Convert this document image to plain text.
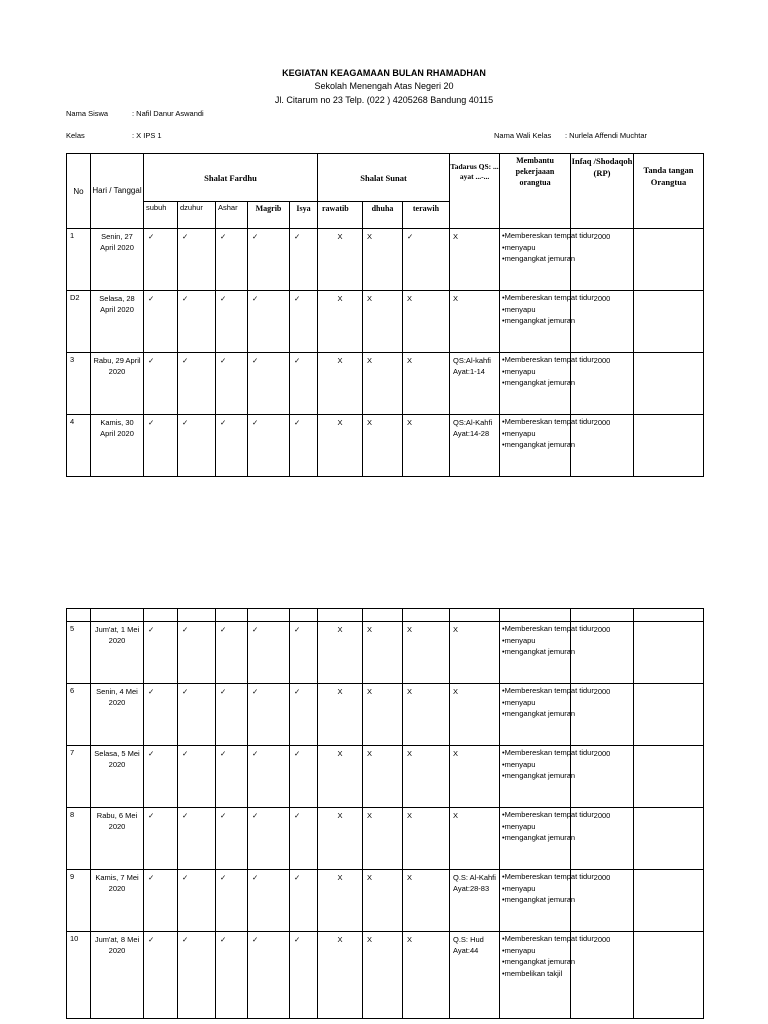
KEGIATAN KEAGAMAAN BULAN RHAMADHAN
Sekolah Menengah Atas Negeri 20
Jl. Citarum no 23 Telp. (022 ) 4205268 Bandung 40115
Nama Siswa	: Nafil Danur Aswandi
Kelas	: X IPS 1	Nama Wali Kelas : Nurlela Affendi Muchtar
No	Hari / Tanggal	Shalat Fardhu					Shalat Sunat			Tadarus QS: ... ayat ...-...	Membantu pekerjaaan orangtua	Infaq /Shodaqoh (RP)	Tanda tangan Orangtua
		subuh	dzuhur	Ashar	Magrib	Isya	rawatib	dhuha	terawih				
1	Senin, 27 April 2020	✓	✓	✓	✓	✓	X	X	✓	X	•Membereskan tempat tidur
•menyapu
•mengangkat jemuran	2000	
D2	Selasa, 28 April 2020	✓	✓	✓	✓	✓	X	X	X	X	•Membereskan tempat tidur
•menyapu
•mengangkat jemuran	2000	
3	Rabu, 29 April 2020	✓	✓	✓	✓	✓	X	X	X	QS:Al-kahfi Ayat:1-14	•Membereskan tempat tidur
•menyapu
•mengangkat jemuran	2000	
4	Kamis, 30 April 2020	✓	✓	✓	✓	✓	X	X	X	QS:Al-Kahfi Ayat:14-28	•Membereskan tempat tidur
•menyapu
•mengangkat jemuran	2000	

5	Jum'at, 1 Mei 2020	✓	✓	✓	✓	✓	X	X	X	X	•Membereskan tempat tidur
•menyapu
•mengangkat jemuran	2000	
6	Senin, 4 Mei 2020	✓	✓	✓	✓	✓	X	X	X	X	•Membereskan tempat tidur
•menyapu
•mengangkat jemuran	2000	
7	Selasa, 5 Mei 2020	✓	✓	✓	✓	✓	X	X	X	X	•Membereskan tempat tidur
•menyapu
•mengangkat jemuran	2000	
8	Rabu, 6 Mei 2020	✓	✓	✓	✓	✓	X	X	X	X	•Membereskan tempat tidur
•menyapu
•mengangkat jemuran	2000	
9	Kamis, 7 Mei 2020	✓	✓	✓	✓	✓	X	X	X	Q.S: Al-Kahfi Ayat:28-83	•Membereskan tempat tidur
•menyapu
•mengangkat jemuran	2000	
10	Jum'at, 8 Mei 2020	✓	✓	✓	✓	✓	X	X	X	Q.S: Hud Ayat:44	•Membereskan tempat tidur
•menyapu
•mengangkat jemuran
•membelikan takjil	2000	
